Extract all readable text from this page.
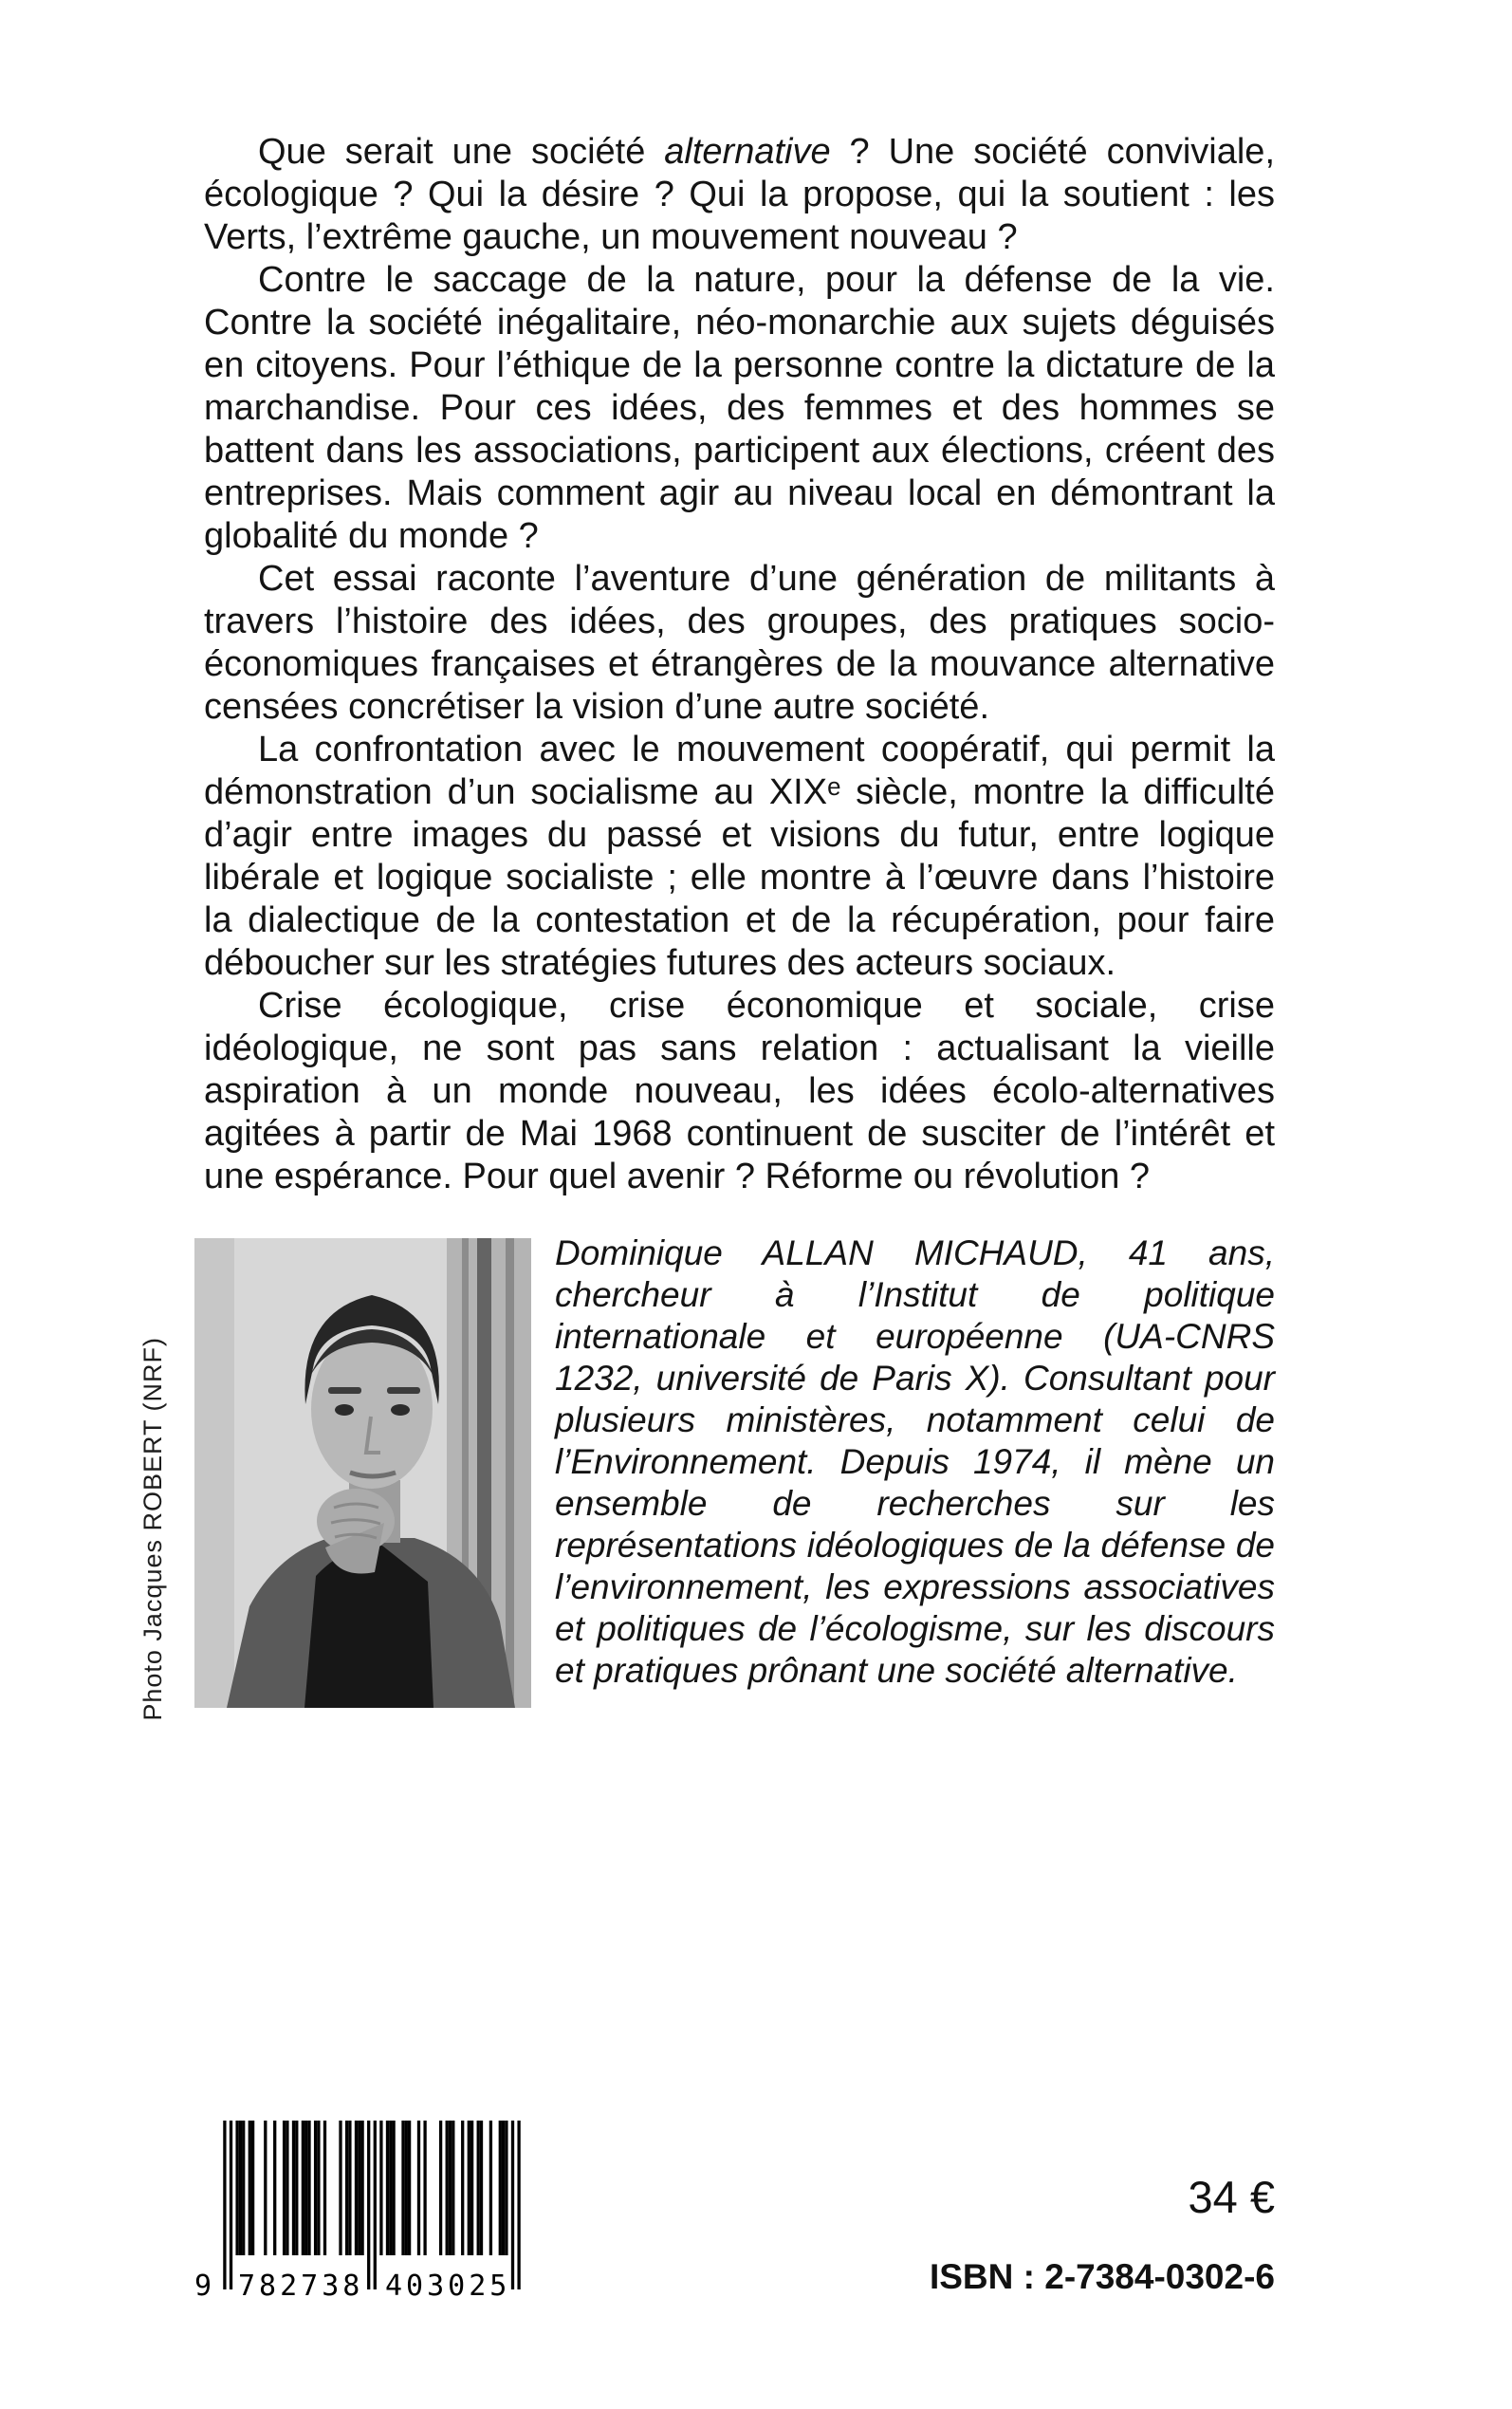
Que serait une société alternative ? Une société conviviale, écologique ? Qui la désire ? Qui la propose, qui la soutient : les Verts, l’extrême gauche, un mouvement nouveau ?

Contre le saccage de la nature, pour la défense de la vie. Contre la société inégalitaire, néo-monarchie aux sujets déguisés en citoyens. Pour l’éthique de la personne contre la dictature de la marchandise. Pour ces idées, des femmes et des hommes se battent dans les associations, participent aux élections, créent des entreprises. Mais comment agir au niveau local en démontrant la globalité du monde ?

Cet essai raconte l’aventure d’une génération de militants à travers l’histoire des idées, des groupes, des pratiques socio-économiques françaises et étrangères de la mouvance alternative censées concrétiser la vision d’une autre société.

La confrontation avec le mouvement coopératif, qui permit la démonstration d’un socialisme au XIXᵉ siècle, montre la difficulté d’agir entre images du passé et visions du futur, entre logique libérale et logique socialiste ; elle montre à l’œuvre dans l’histoire la dialectique de la contestation et de la récupération, pour faire déboucher sur les stratégies futures des acteurs sociaux.

Crise écologique, crise économique et sociale, crise idéologique, ne sont pas sans relation : actualisant la vieille aspiration à un monde nouveau, les idées écolo-alternatives agitées à partir de Mai 1968 continuent de susciter de l’intérêt et une espérance. Pour quel avenir ? Réforme ou révolution ?

Photo Jacques ROBERT (NRF)
Dominique ALLAN MICHAUD, 41 ans, chercheur à l’Institut de politique internationale et européenne (UA-CNRS 1232, université de Paris X). Consultant pour plusieurs ministères, notamment celui de l’Environnement. Depuis 1974, il mène un ensemble de recherches sur les représentations idéologiques de la défense de l’environnement, les expressions associatives et politiques de l’écologisme, sur les discours et pratiques prônant une société alternative.
9 782738 403025

34 €

ISBN : 2-7384-0302-6
